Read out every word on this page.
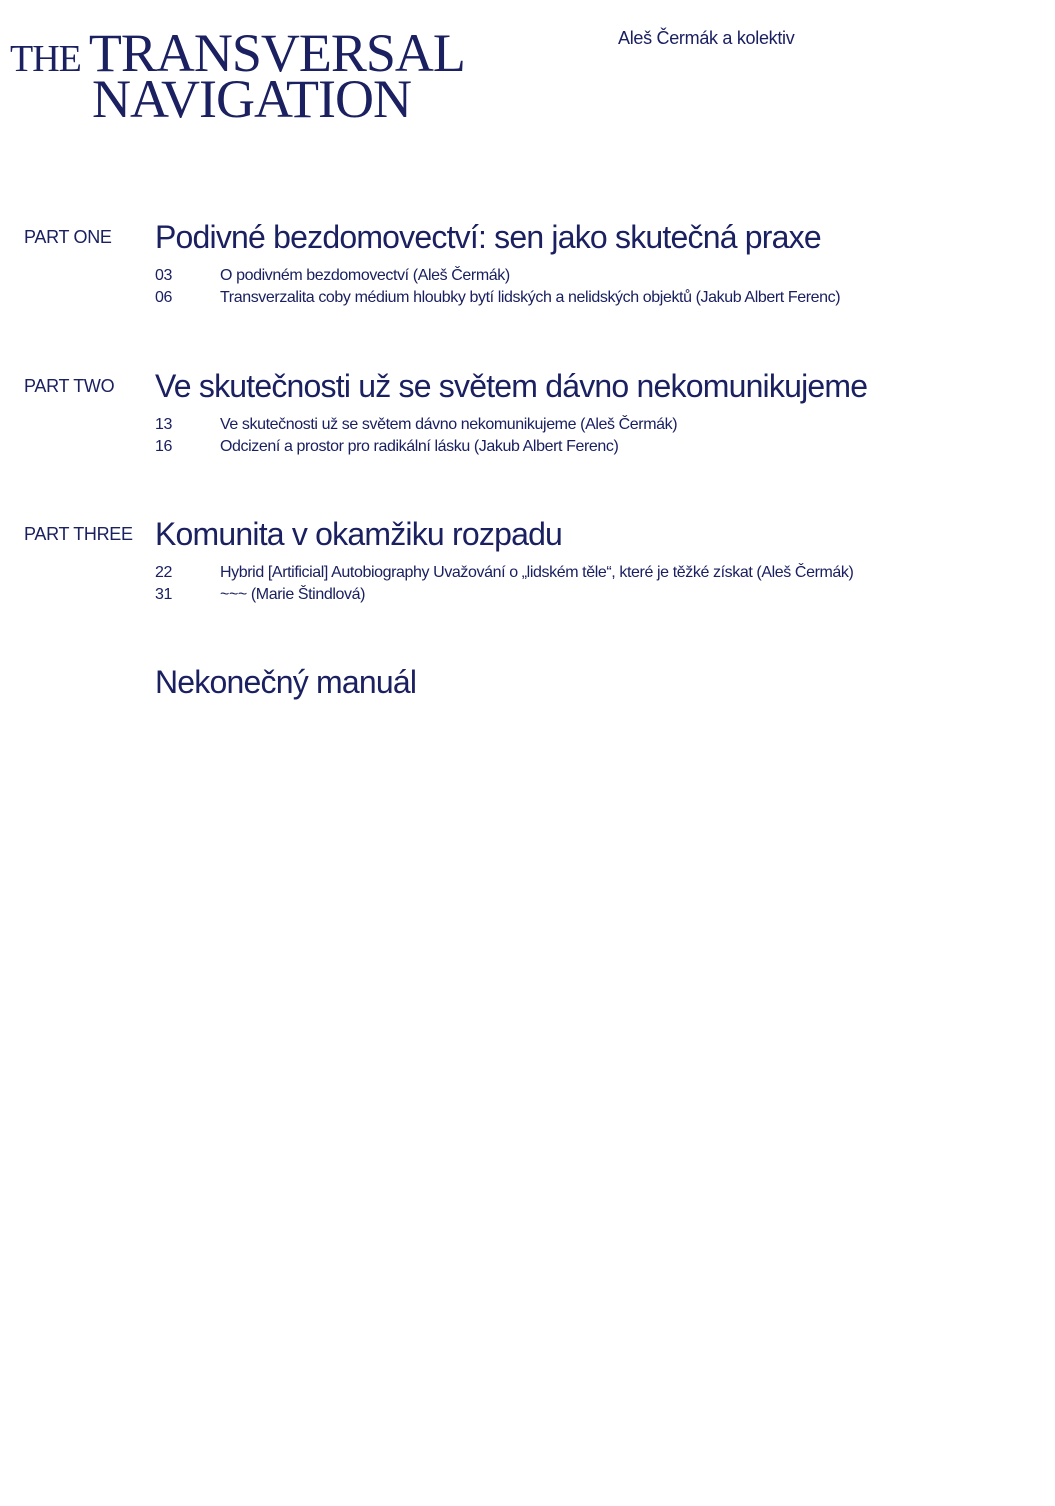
THE TRANSVERSAL
NAVIGATION
Aleš Čermák a kolektiv
PART ONE Podivné bezdomovectví: sen jako skutečná praxe
03	O podivném bezdomovectví (Aleš Čermák)
06	Transverzalita coby médium hloubky bytí lidských a nelidských objektů (Jakub Albert Ferenc)
PART TWO Ve skutečnosti už se světem dávno nekomunikujeme
13	Ve skutečnosti už se světem dávno nekomunikujeme (Aleš Čermák)
16	Odcizení a prostor pro radikální lásku (Jakub Albert Ferenc)
PART THREE Komunita v okamžiku rozpadu
22	Hybrid [Artificial] Autobiography Uvažování o „lidském těle“, které je těžké získat (Aleš Čermák)
31	~~~ (Marie Štindlová)
Nekonečný manuál
